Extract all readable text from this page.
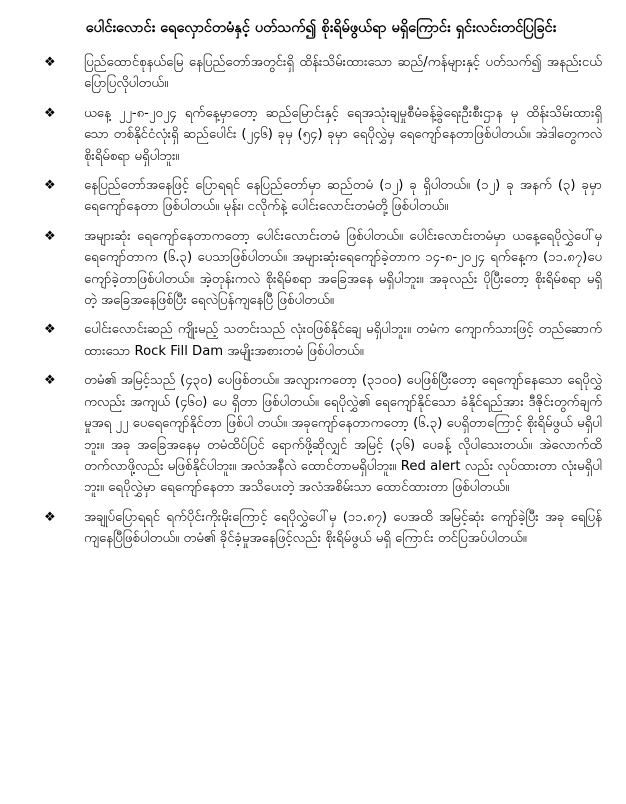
ပေါင်းလောင်း ရေလှောင်တမံနှင့် ပတ်သက်၍ စိုးရိမ်ဖွယ်ရာ မရှိကြောင်း ရှင်းလင်းတင်ပြခြင်း
❖	ပြည်ထောင်စုနယ်မြေ နေပြည်တော်အတွင်းရှိ ထိန်းသိမ်းထားသော ဆည်/ကန်များနှင့် ပတ်သက်၍ အနည်းငယ် ပြောပြလိုပါတယ်။
❖	ယနေ့ ၂၂-၈-၂၀၂၄ ရက်နေ့မှာတော့ ဆည်မြောင်းနှင့် ရေအသုံးချမှုစီမံခန့်ခွဲရေးဦးစီးဌာန မှ ထိန်းသိမ်းထားရှိသော တစ်နိုင်ငံလုံးရှိ ဆည်ပေါင်း (၂၄၆) ခုမှ (၅၄) ခုမှာ ရေပိုလွှဲမှ ရေကျော်နေတာဖြစ်ပါတယ်။ အဲဒါတွေကလဲ စိုးရိမ်စရာ မရှိပါဘူး။
❖	နေပြည်တော်အနေဖြင့် ပြောရရင် နေပြည်တော်မှာ ဆည်တမံ (၁၂) ခု ရှိပါတယ်။ (၁၂) ခု အနက် (၃) ခုမှာ ရေကျော်နေတာ ဖြစ်ပါတယ်။ မုန်း၊ ငလိုက်နဲ့ ပေါင်းလောင်းတမံတို့ ဖြစ်ပါတယ်။
❖	အများဆုံး ရေကျော်နေတာကတော့ ပေါင်းလောင်းတမံ ဖြစ်ပါတယ်။ ပေါင်းလောင်းတမံမှာ ယနေ့ရေပိုလွှဲပေါ်မှ ရေကျော်တာက (၆.၃) ပေသာဖြစ်ပါတယ်။ အများဆုံးရေကျော်ခဲ့တာက ၁၄-၈-၂၀၂၄ ရက်နေ့က (၁၁.၈၇)ပေ ကျော်ခဲ့တာဖြစ်ပါတယ်။ အဲ့တုန်းကလဲ စိုးရိမ်စရာ အခြေအနေ မရှိပါဘူး။ အခုလည်း ပိုပြီးတော့ စိုးရိမ်စရာ မရှိတဲ့ အခြေအနေဖြစ်ပြီး ရေလဲပြန်ကျနေပြီ ဖြစ်ပါတယ်။
❖	ပေါင်းလောင်းဆည် ကျိုးမည့် သတင်းသည် လုံးဝဖြစ်နိုင်ချေ မရှိပါဘူး။ တမံက ကျောက်သားဖြင့် တည်ဆောက်ထားသော Rock Fill Dam အမျိုးအစားတမံ ဖြစ်ပါတယ်။
❖	တမံ၏ အမြင့်သည် (၄၃၀) ပေဖြစ်တယ်။ အလျားကတော့ (၃၁၀၀) ပေဖြစ်ပြီးတော့ ရေကျော်နေသော ရေပိုလွှဲကလည်း အကျယ် (၄၆၀) ပေ ရှိတာ ဖြစ်ပါတယ်။ ရေပိုလွှဲ၏ ရေကျော်နိုင်သော ခံနိုင်ရည်အား ဒီဇိုင်းတွက်ချက်မှုအရ ၂၂ ပေရေကျော်နိုင်တာ ဖြစ်ပါ တယ်။ အခုကျော်နေတာကတော့ (၆.၃) ပေရှိတာကြောင့် စိုးရိမ်ဖွယ် မရှိပါဘူး။ အခု အခြေအနေမှ တမံထိပ်ပြင် ရောက်ဖို့ဆိုလျှင် အမြင့် (၃၆) ပေခန့် လိုပါသေးတယ်။ အဲလောက်ထိ တက်လာဖို့လည်း မဖြစ်နိုင်ပါဘူး။ အလံအနီလဲ ထောင်တာမရှိပါဘူး။ Red alert လည်း လုပ်ထားတာ လုံးမရှိပါဘူး။ ရေပိုလွှဲမှာ ရေကျော်နေတာ အသိပေးတဲ့ အလံအစိမ်းသာ ထောင်ထားတာ ဖြစ်ပါတယ်။
❖	အချုပ်ပြောရရင် ရက်ပိုင်းကိုးမိုးကြောင့် ရေပိုလွှဲပေါ်မှ (၁၁.၈၇) ပေအထိ အမြင့်ဆုံး ကျော်ခဲ့ပြီး အခု ရေပြန်ကျနေပြီဖြစ်ပါတယ်။ တမံ၏ ခိုင်ခံ့မှုအနေဖြင့်လည်း စိုးရိမ်ဖွယ် မရှိ ကြောင်း တင်ပြအပ်ပါတယ်။
